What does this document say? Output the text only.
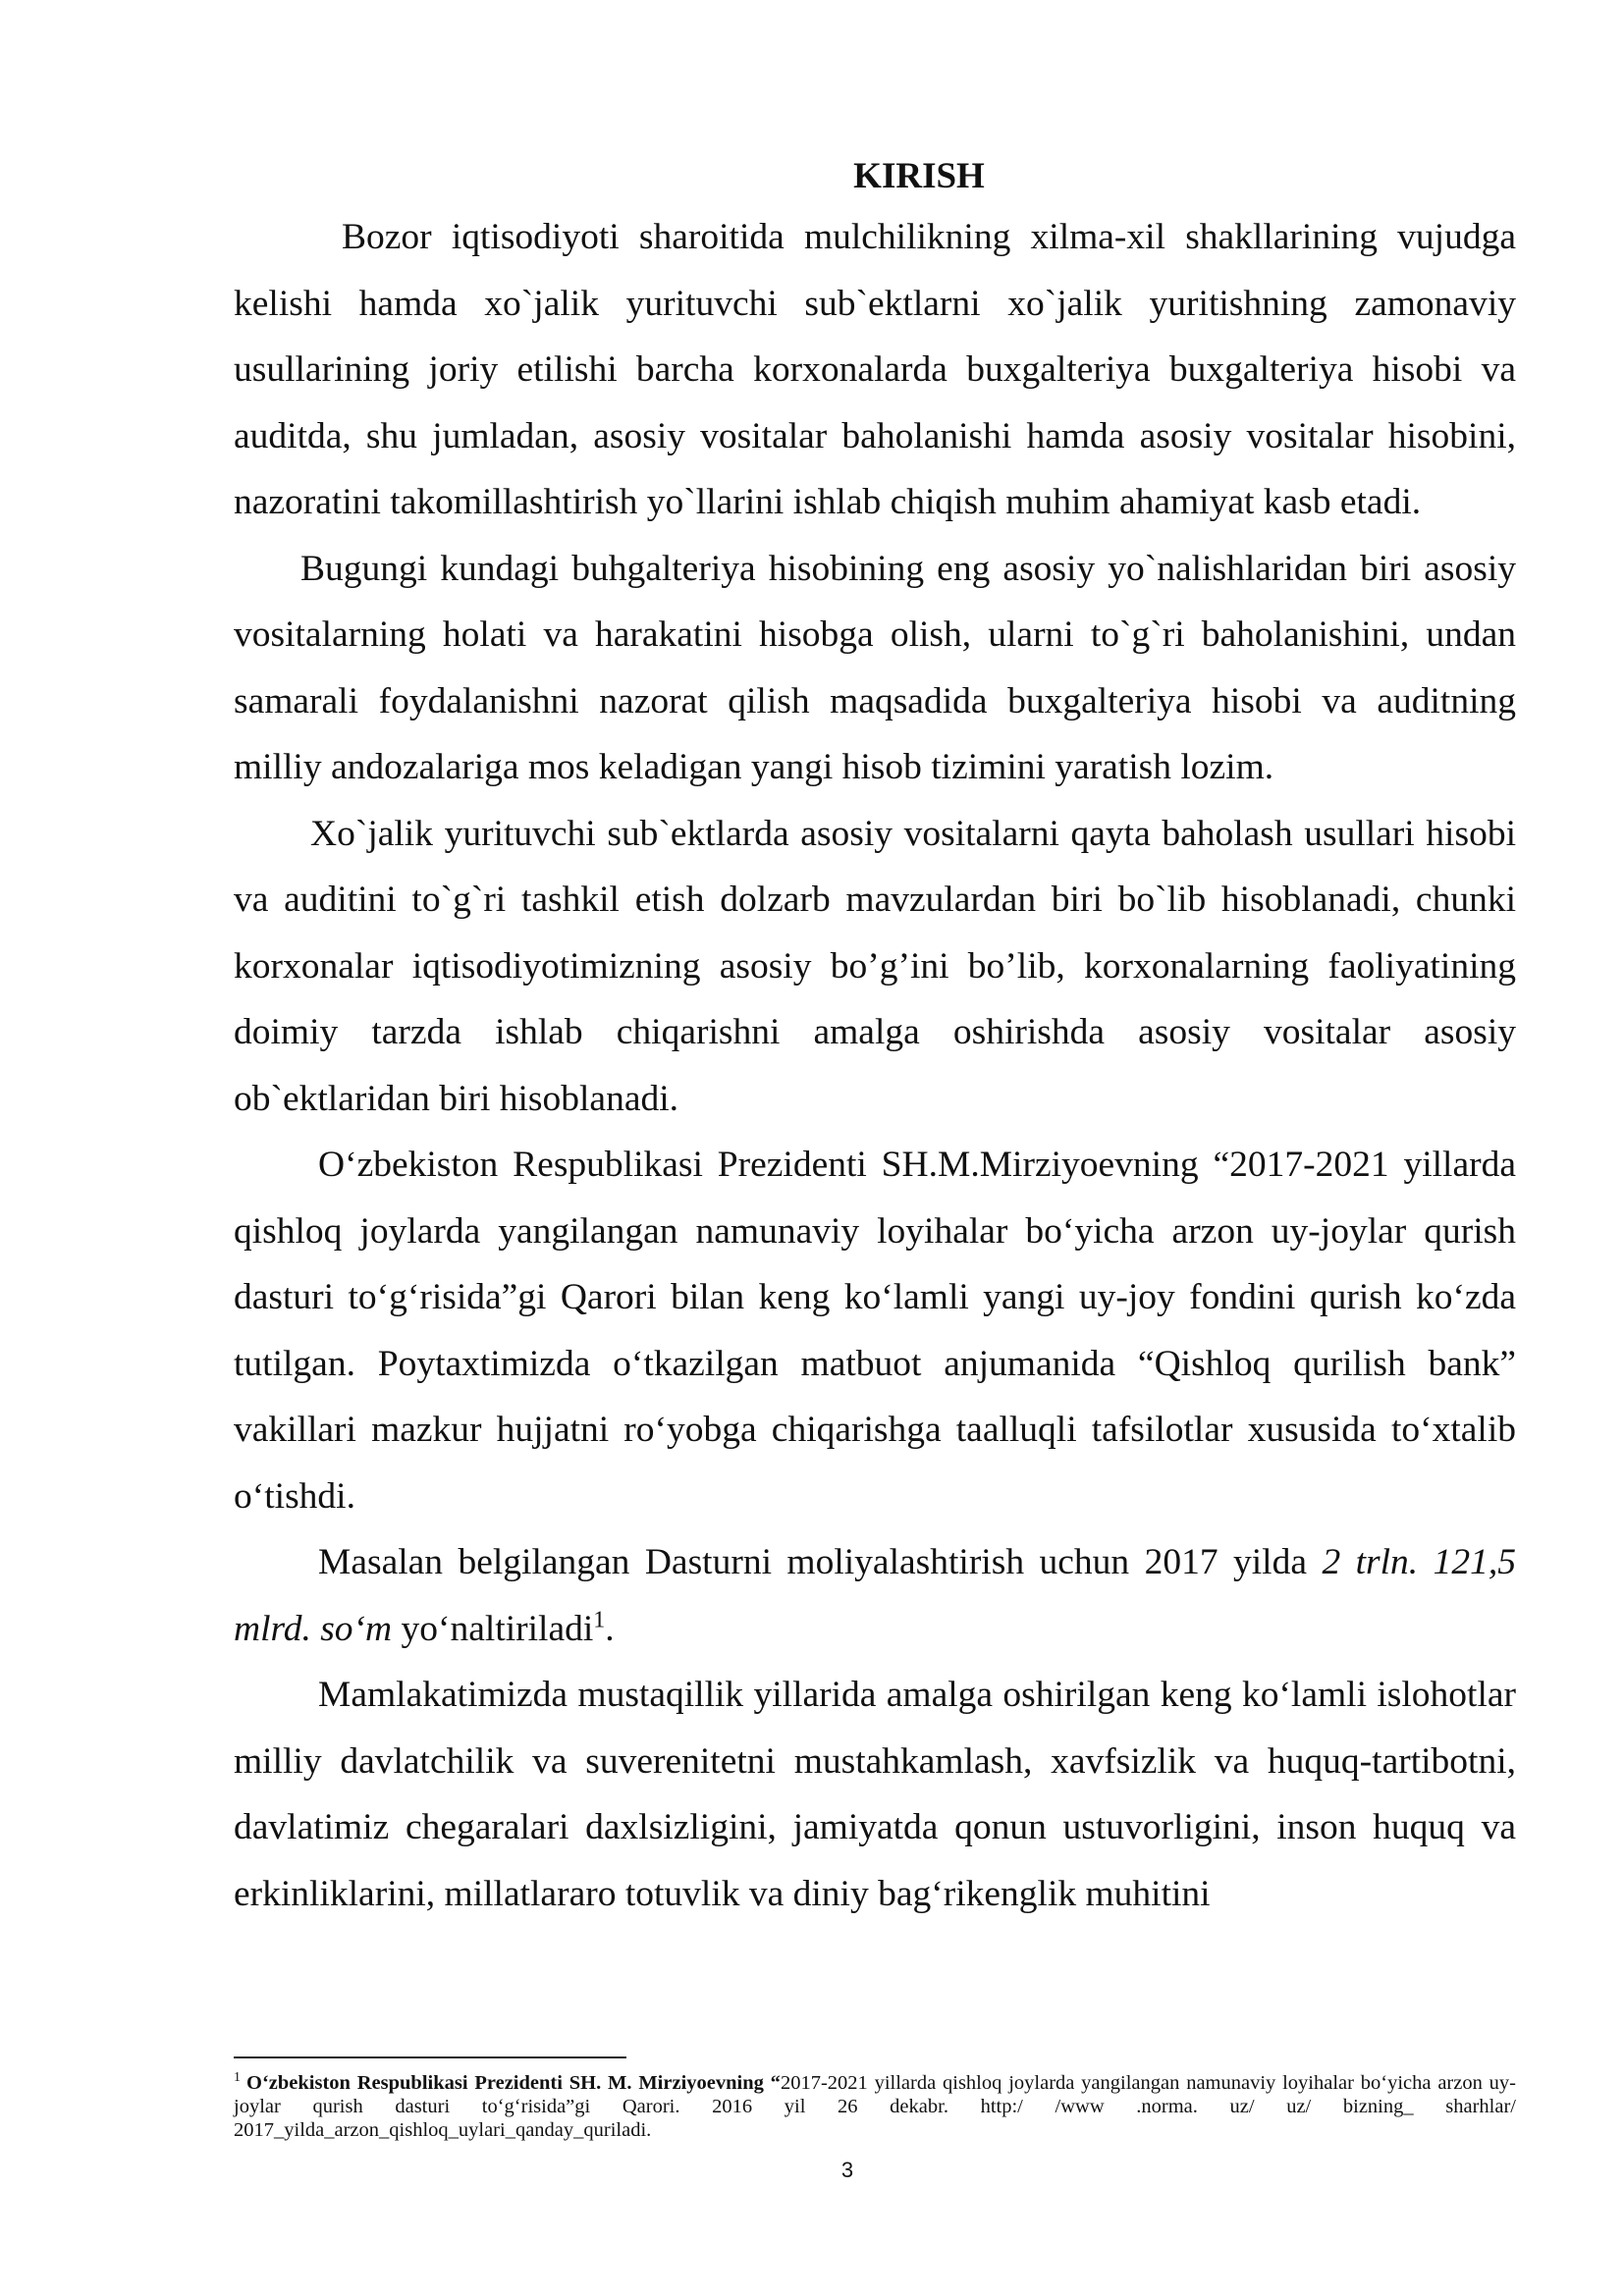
KIRISH

Bozor iqtisodiyoti sharoitida mulchilikning xilma-xil shakllarining vujudga kelishi hamda xo`jalik yurituvchi sub`ektlarni xo`jalik yuritishning zamonaviy usullarining joriy etilishi barcha korxonalarda buxgalteriya buxgalteriya hisobi va auditda, shu jumladan, asosiy vositalar baholanishi hamda asosiy vositalar hisobini, nazoratini takomillashtirish yo`llarini ishlab chiqish muhim ahamiyat kasb etadi.

Bugungi kundagi buhgalteriya hisobining eng asosiy yo`nalishlaridan biri asosiy vositalarning holati va harakatini hisobga olish, ularni to`g`ri baholanishini, undan samarali foydalanishni nazorat qilish maqsadida buxgalteriya hisobi va auditning milliy andozalariga mos keladigan yangi hisob tizimini yaratish lozim.

Xo`jalik yurituvchi sub`ektlarda asosiy vositalarni qayta baholash usullari hisobi va auditini to`g`ri tashkil etish dolzarb mavzulardan biri bo`lib hisoblanadi, chunki korxonalar iqtisodiyotimizning asosiy bo’g’ini bo’lib, korxonalarning faoliyatining doimiy tarzda ishlab chiqarishni amalga oshirishda asosiy vositalar asosiy ob`ektlaridan biri hisoblanadi.

O‘zbekiston Respublikasi Prezidenti SH.M.Mirziyoevning “2017-2021 yillarda qishloq joylarda yangilangan namunaviy loyihalar bo‘yicha arzon uy-joylar qurish dasturi to‘g‘risida”gi Qarori bilan keng ko‘lamli yangi uy-joy fondini qurish ko‘zda tutilgan. Poytaxtimizda o‘tkazilgan matbuot anjumanida “Qishloq qurilish bank” vakillari mazkur hujjatni ro‘yobga chiqarishga taalluqli tafsilotlar xususida to‘xtalib o‘tishdi.

Masalan belgilangan Dasturni moliyalashtirish uchun 2017 yilda 2 trln. 121,5 mlrd. so‘m yo‘naltiriladi$^1$.

Mamlakatimizda mustaqillik yillarida amalga oshirilgan keng ko‘lamli islohotlar milliy davlatchilik va suverenitetni mustahkamlash, xavfsizlik va huquq-tartibotni, davlatimiz chegaralari daxlsizligini, jamiyatda qonun ustuvorligini, inson huquq va erkinliklarini, millatlararo totuvlik va diniy bag‘rikenglik muhitini

$^1$ O‘zbekiston Respublikasi Prezidenti SH. M. Mirziyoevning “2017-2021 yillarda qishloq joylarda yangilangan namunaviy loyihalar bo‘yicha arzon uy-joylar qurish dasturi to‘g‘risida”gi Qarori. 2016 yil 26 dekabr. http:/ /www .norma. uz/ uz/ bizning_ sharhlar/ 2017_yilda_arzon_qishloq_uylari_qanday_quriladi.

3
